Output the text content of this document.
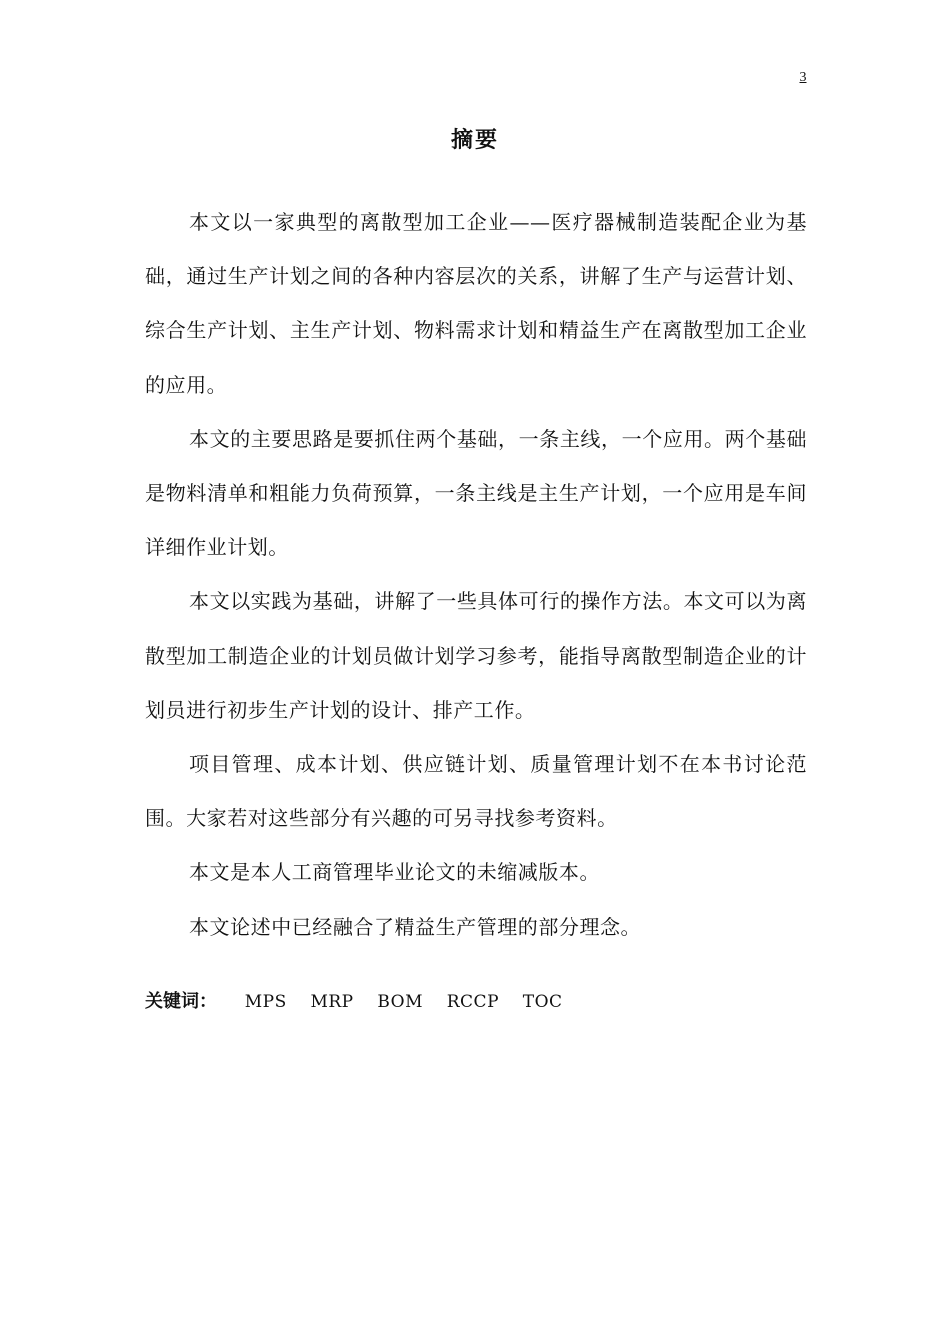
3
摘要

本文以一家典型的离散型加工企业——医疗器械制造装配企业为基础，通过生产计划之间的各种内容层次的关系，讲解了生产与运营计划、综合生产计划、主生产计划、物料需求计划和精益生产在离散型加工企业的应用。

本文的主要思路是要抓住两个基础，一条主线，一个应用。两个基础是物料清单和粗能力负荷预算，一条主线是主生产计划，一个应用是车间详细作业计划。

本文以实践为基础，讲解了一些具体可行的操作方法。本文可以为离散型加工制造企业的计划员做计划学习参考，能指导离散型制造企业的计划员进行初步生产计划的设计、排产工作。

项目管理、成本计划、供应链计划、质量管理计划不在本书讨论范围。大家若对这些部分有兴趣的可另寻找参考资料。

本文是本人工商管理毕业论文的未缩减版本。

本文论述中已经融合了精益生产管理的部分理念。

关键词： MPS MRP BOM RCCP TOC
